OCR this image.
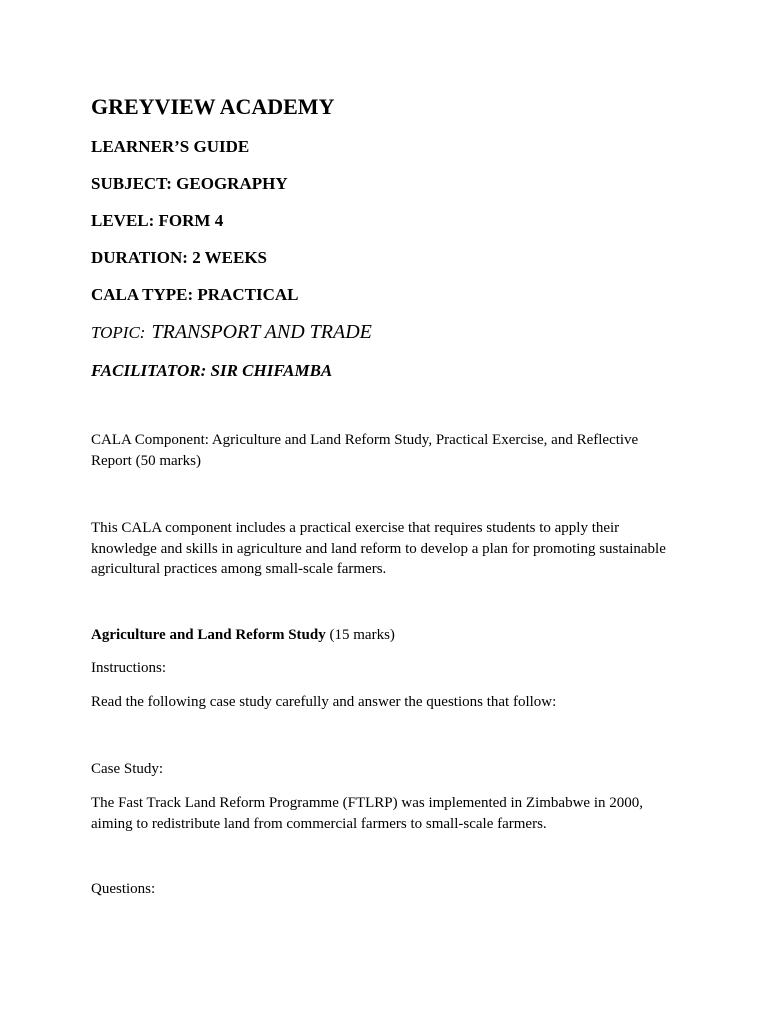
GREYVIEW ACADEMY
LEARNER’S GUIDE
SUBJECT: GEOGRAPHY
LEVEL: FORM 4
DURATION: 2 WEEKS
CALA TYPE: PRACTICAL
TOPIC: TRANSPORT AND TRADE
FACILITATOR: SIR CHIFAMBA

CALA Component: Agriculture and Land Reform Study, Practical Exercise, and Reflective Report (50 marks)

This CALA component includes a practical exercise that requires students to apply their knowledge and skills in agriculture and land reform to develop a plan for promoting sustainable agricultural practices among small-scale farmers.

Agriculture and Land Reform Study (15 marks)

Instructions:

Read the following case study carefully and answer the questions that follow:

Case Study:

The Fast Track Land Reform Programme (FTLRP) was implemented in Zimbabwe in 2000, aiming to redistribute land from commercial farmers to small-scale farmers.

Questions:
